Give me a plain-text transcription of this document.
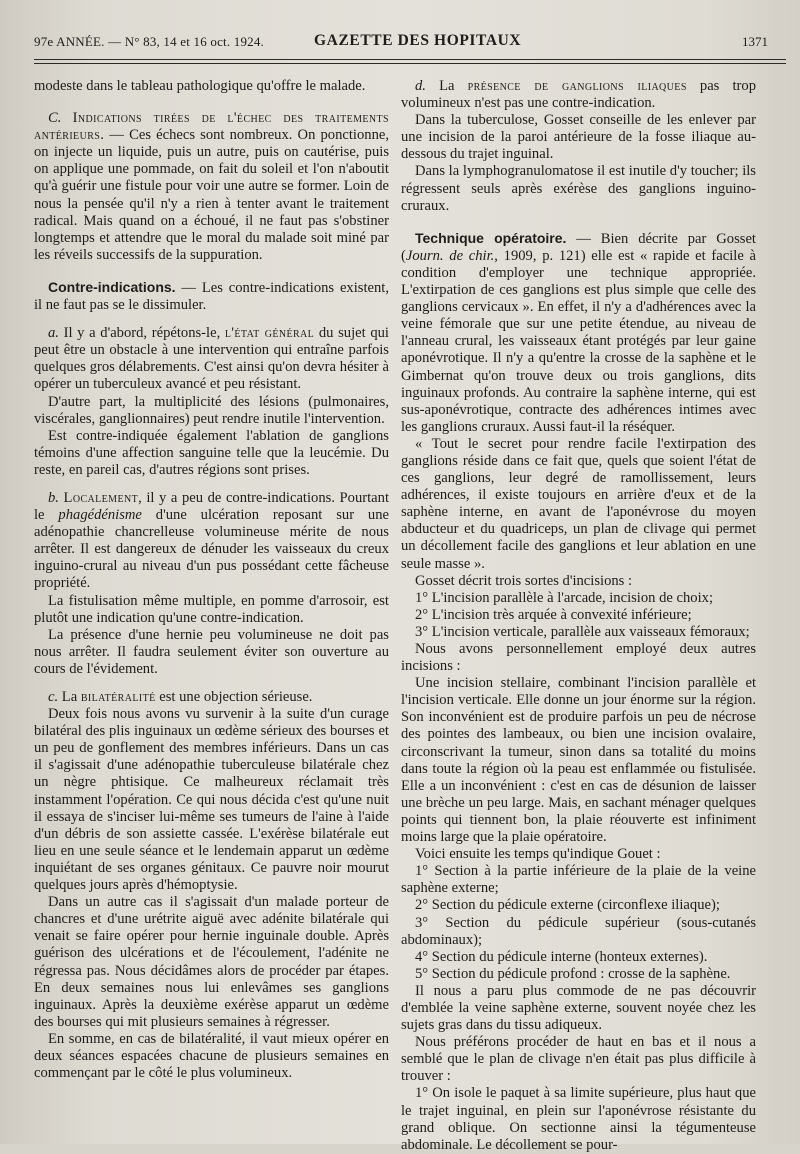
97e ANNÉE. — N° 83, 14 et 16 oct. 1924.	GAZETTE DES HOPITAUX	1371

modeste dans le tableau pathologique qu'offre le malade.

C. Indications tirées de l'échec des traitements antérieurs. — Ces échecs sont nombreux. On ponctionne, on injecte un liquide, puis un autre, puis on cautérise, puis on applique une pommade, on fait du soleil et l'on n'aboutit qu'à guérir une fistule pour voir une autre se former. Loin de nous la pensée qu'il n'y a rien à tenter avant le traitement radical. Mais quand on a échoué, il ne faut pas s'obstiner longtemps et attendre que le moral du malade soit miné par les réveils successifs de la suppuration.

Contre-indications. — Les contre-indications existent, il ne faut pas se le dissimuler.

a. Il y a d'abord, répétons-le, l'état général du sujet qui peut être un obstacle à une intervention qui entraîne parfois quelques gros délabrements. C'est ainsi qu'on devra hésiter à opérer un tuberculeux avancé et peu résistant.

D'autre part, la multiplicité des lésions (pulmonaires, viscérales, ganglionnaires) peut rendre inutile l'intervention.

Est contre-indiquée également l'ablation de ganglions témoins d'une affection sanguine telle que la leucémie. Du reste, en pareil cas, d'autres régions sont prises.

b. Localement, il y a peu de contre-indications. Pourtant le phagédénisme d'une ulcération reposant sur une adénopathie chancrelleuse volumineuse mérite de nous arrêter. Il est dangereux de dénuder les vaisseaux du creux inguino-crural au niveau d'un pus possédant cette fâcheuse propriété.

La fistulisation même multiple, en pomme d'arrosoir, est plutôt une indication qu'une contre-indication.

La présence d'une hernie peu volumineuse ne doit pas nous arrêter. Il faudra seulement éviter son ouverture au cours de l'évidement.

c. La bilatéralité est une objection sérieuse.

Deux fois nous avons vu survenir à la suite d'un curage bilatéral des plis inguinaux un œdème sérieux des bourses et un peu de gonflement des membres inférieurs. Dans un cas il s'agissait d'une adénopathie tuberculeuse bilatérale chez un nègre phtisique. Ce malheureux réclamait très instamment l'opération. Ce qui nous décida c'est qu'une nuit il essaya de s'inciser lui-même ses tumeurs de l'aine à l'aide d'un débris de son assiette cassée. L'exérèse bilatérale eut lieu en une seule séance et le lendemain apparut un œdème inquiétant de ses organes génitaux. Ce pauvre noir mourut quelques jours après d'hémoptysie.

Dans un autre cas il s'agissait d'un malade porteur de chancres et d'une urétrite aiguë avec adénite bilatérale qui venait se faire opérer pour hernie inguinale double. Après guérison des ulcérations et de l'écoulement, l'adénite ne régressa pas. Nous décidâmes alors de procéder par étapes. En deux semaines nous lui enlevâmes ses ganglions inguinaux. Après la deuxième exérèse apparut un œdème des bourses qui mit plusieurs semaines à régresser.

En somme, en cas de bilatéralité, il vaut mieux opérer en deux séances espacées chacune de plusieurs semaines en commençant par le côté le plus volumineux.

d. La présence de ganglions iliaques pas trop volumineux n'est pas une contre-indication.

Dans la tuberculose, Gosset conseille de les enlever par une incision de la paroi antérieure de la fosse iliaque au-dessous du trajet inguinal.

Dans la lymphogranulomatose il est inutile d'y toucher; ils régressent seuls après exérèse des ganglions inguino-cruraux.

Technique opératoire. — Bien décrite par Gosset (Journ. de chir., 1909, p. 121) elle est « rapide et facile à condition d'employer une technique appropriée. L'extirpation de ces ganglions est plus simple que celle des ganglions cervicaux ». En effet, il n'y a d'adhérences avec la veine fémorale que sur une petite étendue, au niveau de l'anneau crural, les vaisseaux étant protégés par leur gaine aponévrotique. Il n'y a qu'entre la crosse de la saphène et le Gimbernat qu'on trouve deux ou trois ganglions, dits inguinaux profonds. Au contraire la saphène interne, qui est sus-aponévrotique, contracte des adhérences intimes avec les ganglions cruraux. Aussi faut-il la réséquer.

« Tout le secret pour rendre facile l'extirpation des ganglions réside dans ce fait que, quels que soient l'état de ces ganglions, leur degré de ramollissement, leurs adhérences, il existe toujours en arrière d'eux et de la saphène interne, en avant de l'aponévrose du moyen abducteur et du quadriceps, un plan de clivage qui permet un décollement facile des ganglions et leur ablation en une seule masse ».

Gosset décrit trois sortes d'incisions :

1° L'incision parallèle à l'arcade, incision de choix;

2° L'incision très arquée à convexité inférieure;

3° L'incision verticale, parallèle aux vaisseaux fémoraux;

Nous avons personnellement employé deux autres incisions :

Une incision stellaire, combinant l'incision parallèle et l'incision verticale. Elle donne un jour énorme sur la région. Son inconvénient est de produire parfois un peu de nécrose des pointes des lambeaux, ou bien une incision ovalaire, circonscrivant la tumeur, sinon dans sa totalité du moins dans toute la région où la peau est enflammée ou fistulisée. Elle a un inconvénient : c'est en cas de désunion de laisser une brèche un peu large. Mais, en sachant ménager quelques points qui tiennent bon, la plaie réouverte est infiniment moins large que la plaie opératoire.

Voici ensuite les temps qu'indique Gouet :

1° Section à la partie inférieure de la plaie de la veine saphène externe;

2° Section du pédicule externe (circonflexe iliaque);

3° Section du pédicule supérieur (sous-cutanés abdominaux);

4° Section du pédicule interne (honteux externes).

5° Section du pédicule profond : crosse de la saphène.

Il nous a paru plus commode de ne pas découvrir d'emblée la veine saphène externe, souvent noyée chez les sujets gras dans du tissu adiqueux.

Nous préférons procéder de haut en bas et il nous a semblé que le plan de clivage n'en était pas plus difficile à trouver :

1° On isole le paquet à sa limite supérieure, plus haut que le trajet inguinal, en plein sur l'aponévrose résistante du grand oblique. On sectionne ainsi la tégumenteuse abdominale. Le décollement se pour-
